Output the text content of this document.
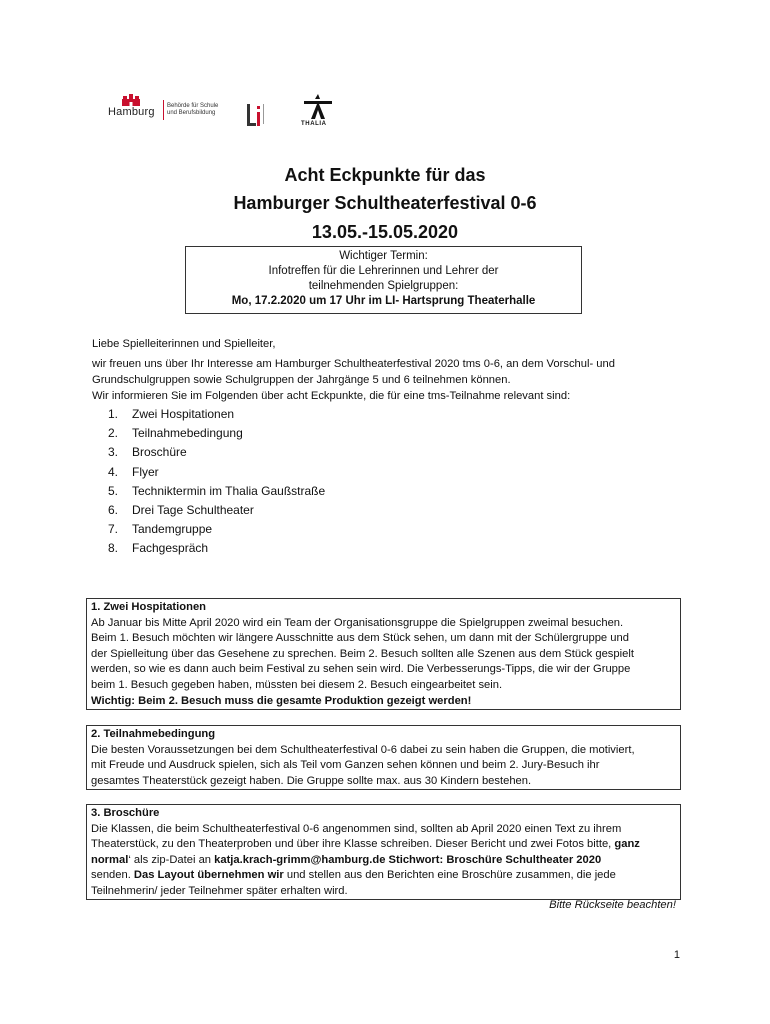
Hamburg Behörde für Schule
und Berufsbildung
THALIA
Acht Eckpunkte für das
Hamburger Schultheaterfestival 0-6
13.05.-15.05.2020
Wichtiger Termin:
Infotreffen für die Lehrerinnen und Lehrer der
teilnehmenden Spielgruppen:
Mo, 17.2.2020 um 17 Uhr im LI- Hartsprung Theaterhalle

Liebe Spielleiterinnen und Spielleiter,

wir freuen uns über Ihr Interesse am Hamburger Schultheaterfestival 2020 tms 0-6, an dem Vorschul- und

Grundschulgruppen sowie Schulgruppen der Jahrgänge 5 und 6 teilnehmen können.

Wir informieren Sie im Folgenden über acht Eckpunkte, die für eine tms-Teilnahme relevant sind:

1.	Zwei Hospitationen
2.	Teilnahmebedingung
3.	Broschüre
4.	Flyer
5.	Techniktermin im Thalia Gaußstraße
6.	Drei Tage Schultheater
7.	Tandemgruppe
8.	Fachgespräch

1. Zwei Hospitationen

Ab Januar bis Mitte April 2020 wird ein Team der Organisationsgruppe die Spielgruppen zweimal besuchen.

Beim 1. Besuch möchten wir längere Ausschnitte aus dem Stück sehen, um dann mit der Schülergruppe und

der Spielleitung über das Gesehene zu sprechen. Beim 2. Besuch sollten alle Szenen aus dem Stück gespielt

werden, so wie es dann auch beim Festival zu sehen sein wird. Die Verbesserungs-Tipps, die wir der Gruppe

beim 1. Besuch gegeben haben, müssten bei diesem 2. Besuch eingearbeitet sein.

Wichtig: Beim 2. Besuch muss die gesamte Produktion gezeigt werden!

2. Teilnahmebedingung

Die besten Voraussetzungen bei dem Schultheaterfestival 0-6 dabei zu sein haben die Gruppen, die motiviert,

mit Freude und Ausdruck spielen, sich als Teil vom Ganzen sehen können und beim 2. Jury-Besuch ihr

gesamtes Theaterstück gezeigt haben. Die Gruppe sollte max. aus 30 Kindern bestehen.

3. Broschüre

Die Klassen, die beim Schultheaterfestival 0-6 angenommen sind, sollten ab April 2020 einen Text zu ihrem

Theaterstück, zu den Theaterproben und über ihre Klasse schreiben. Dieser Bericht und zwei Fotos bitte, ganz

normal‘ als zip-Datei an katja.krach-grimm@hamburg.de Stichwort: Broschüre Schultheater 2020

senden. Das Layout übernehmen wir und stellen aus den Berichten eine Broschüre zusammen, die jede

Teilnehmerin/ jeder Teilnehmer später erhalten wird.

Bitte Rückseite beachten!
1
